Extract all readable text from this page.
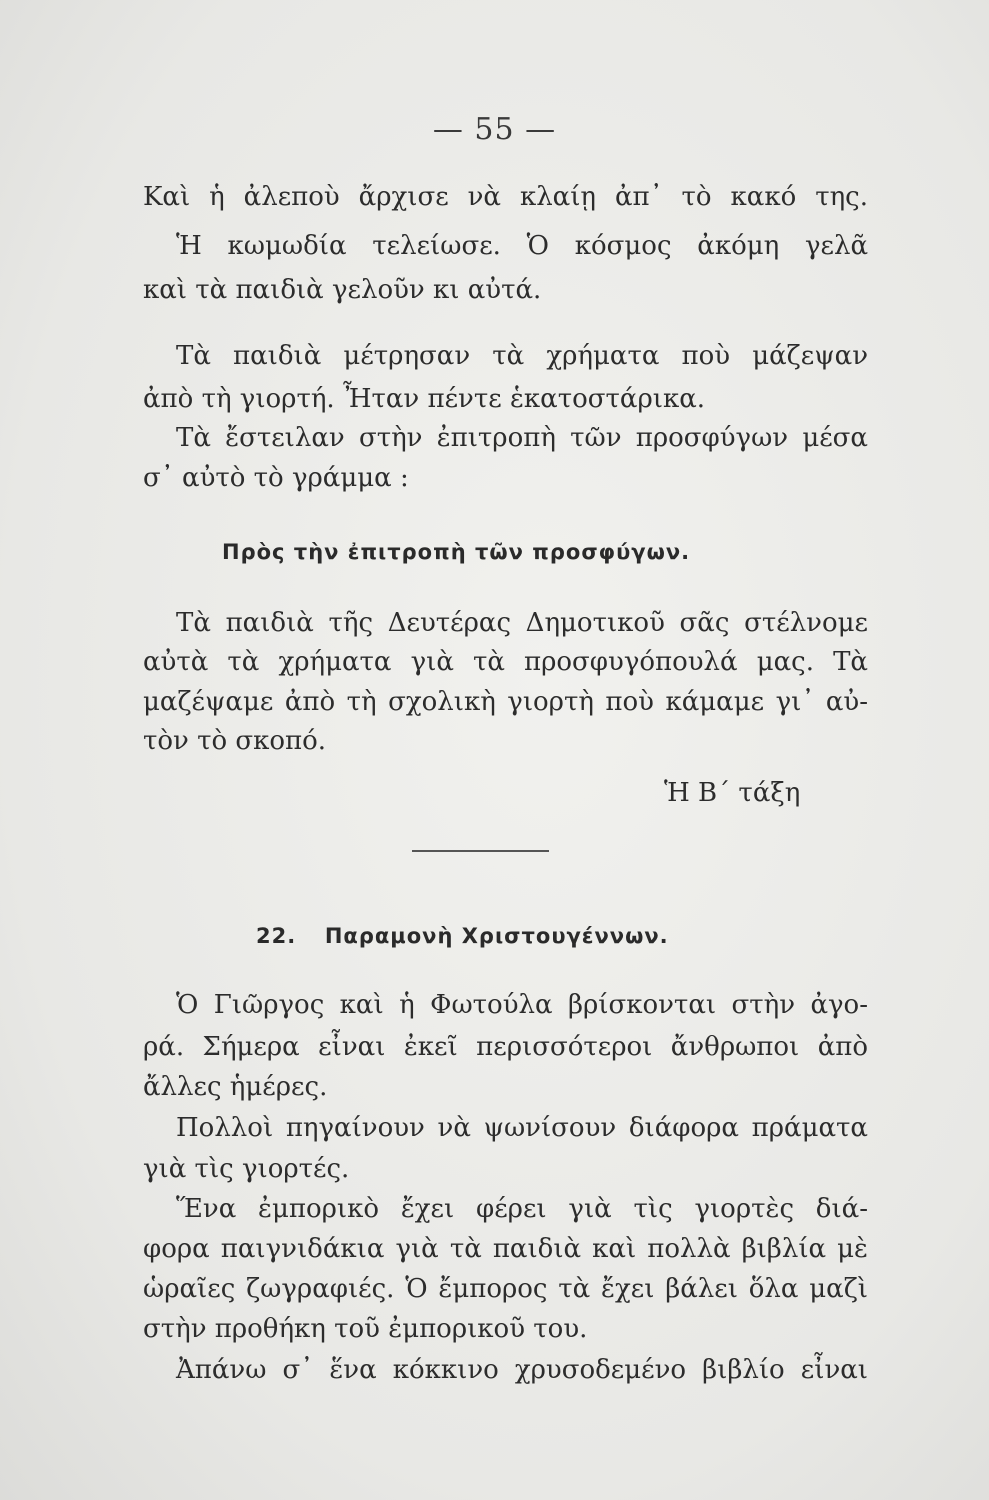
— 55 —
Καὶ ἡ ἀλεποὺ ἄρχισε νὰ κλαίῃ ἀπ᾽ τὸ κακό της.
Ἡ κωμωδία τελείωσε. Ὁ κόσμος ἀκόμη γελᾶ
καὶ τὰ παιδιὰ γελοῦν κι αὐτά.
Τὰ παιδιὰ μέτρησαν τὰ χρήματα ποὺ μάζεψαν
ἀπὸ τὴ γιορτή. Ἦταν πέντε ἑκατοστάρικα.
Τὰ ἔστειλαν στὴν ἐπιτροπὴ τῶν προσφύγων μέσα
σ᾽ αὐτὸ τὸ γράμμα :
Πρὸς τὴν ἐπιτροπὴ τῶν προσφύγων.
Τὰ παιδιὰ τῆς Δευτέρας Δημοτικοῦ σᾶς στέλνομε
αὐτὰ τὰ χρήματα γιὰ τὰ προσφυγόπουλά μας. Τὰ
μαζέψαμε ἀπὸ τὴ σχολικὴ γιορτὴ ποὺ κάμαμε γι᾽ αὐ-
τὸν τὸ σκοπό.
Ἡ Β΄ τάξη
22. Παραμονὴ Χριστουγέννων.
Ὁ Γιῶργος καὶ ἡ Φωτούλα βρίσκονται στὴν ἀγο-
ρά. Σήμερα εἶναι ἐκεῖ περισσότεροι ἄνθρωποι ἀπὸ
ἄλλες ἡμέρες.
Πολλοὶ πηγαίνουν νὰ ψωνίσουν διάφορα πράματα
γιὰ τὶς γιορτές.
Ἕνα ἐμπορικὸ ἔχει φέρει γιὰ τὶς γιορτὲς διά-
φορα παιγνιδάκια γιὰ τὰ παιδιὰ καὶ πολλὰ βιβλία μὲ
ὡραῖες ζωγραφιές. Ὁ ἔμπορος τὰ ἔχει βάλει ὅλα μαζὶ
στὴν προθήκη τοῦ ἐμπορικοῦ του.
Ἀπάνω σ᾽ ἕνα κόκκινο χρυσοδεμένο βιβλίο εἶναι
